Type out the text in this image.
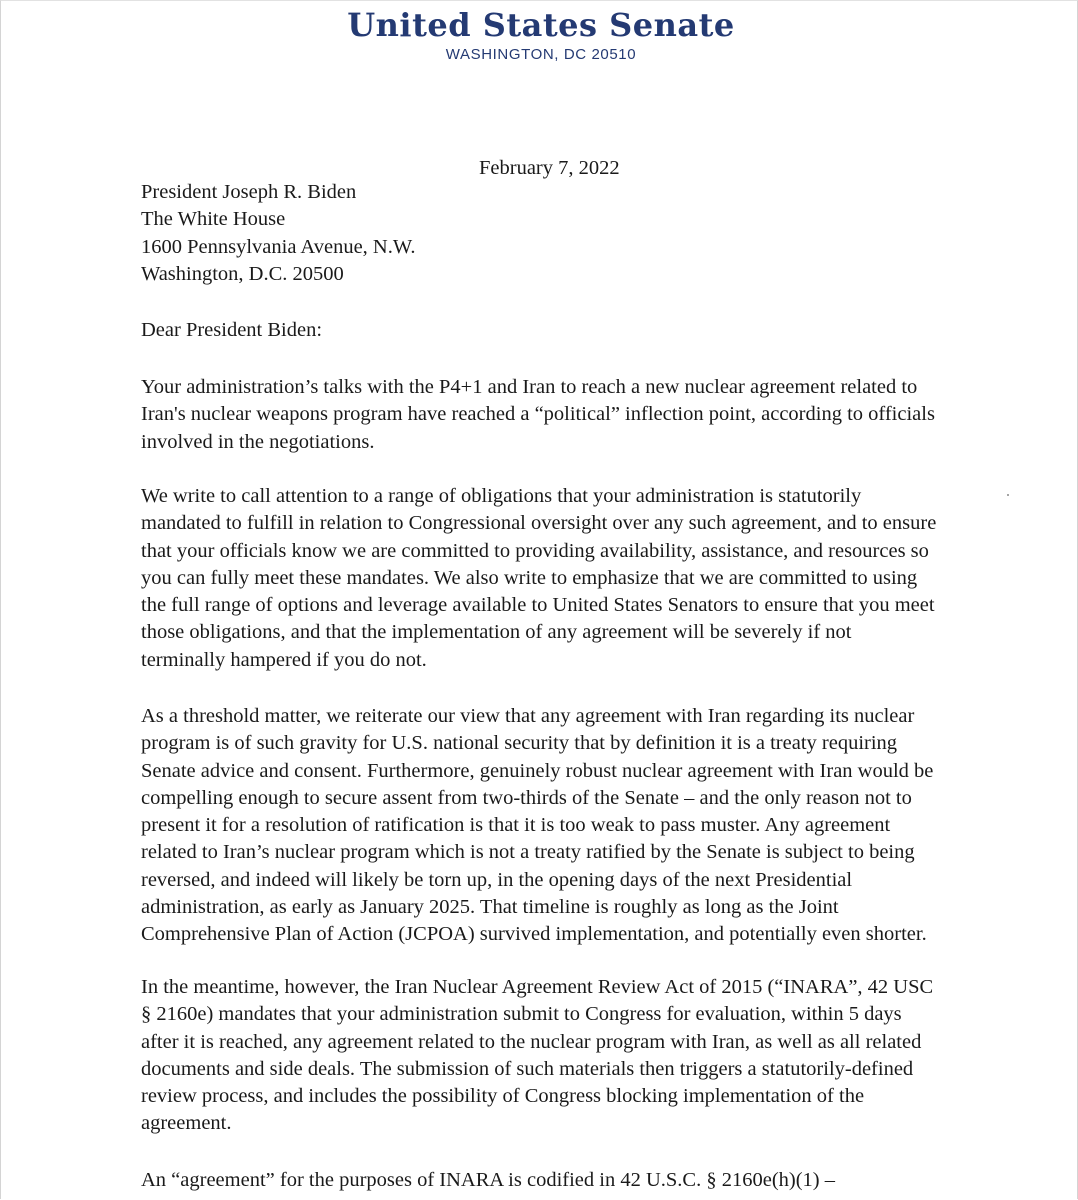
United States Senate
WASHINGTON, DC 20510
February 7, 2022
President Joseph R. Biden
The White House
1600 Pennsylvania Avenue, N.W.
Washington, D.C. 20500
Dear President Biden:
Your administration’s talks with the P4+1 and Iran to reach a new nuclear agreement related to
Iran's nuclear weapons program have reached a “political” inflection point, according to officials
involved in the negotiations.
We write to call attention to a range of obligations that your administration is statutorily
mandated to fulfill in relation to Congressional oversight over any such agreement, and to ensure
that your officials know we are committed to providing availability, assistance, and resources so
you can fully meet these mandates. We also write to emphasize that we are committed to using
the full range of options and leverage available to United States Senators to ensure that you meet
those obligations, and that the implementation of any agreement will be severely if not
terminally hampered if you do not.
As a threshold matter, we reiterate our view that any agreement with Iran regarding its nuclear
program is of such gravity for U.S. national security that by definition it is a treaty requiring
Senate advice and consent. Furthermore, genuinely robust nuclear agreement with Iran would be
compelling enough to secure assent from two-thirds of the Senate – and the only reason not to
present it for a resolution of ratification is that it is too weak to pass muster. Any agreement
related to Iran’s nuclear program which is not a treaty ratified by the Senate is subject to being
reversed, and indeed will likely be torn up, in the opening days of the next Presidential
administration, as early as January 2025. That timeline is roughly as long as the Joint
Comprehensive Plan of Action (JCPOA) survived implementation, and potentially even shorter.
In the meantime, however, the Iran Nuclear Agreement Review Act of 2015 (“INARA”, 42 USC
§ 2160e) mandates that your administration submit to Congress for evaluation, within 5 days
after it is reached, any agreement related to the nuclear program with Iran, as well as all related
documents and side deals. The submission of such materials then triggers a statutorily-defined
review process, and includes the possibility of Congress blocking implementation of the
agreement.
An “agreement” for the purposes of INARA is codified in 42 U.S.C. § 2160e(h)(1) –
